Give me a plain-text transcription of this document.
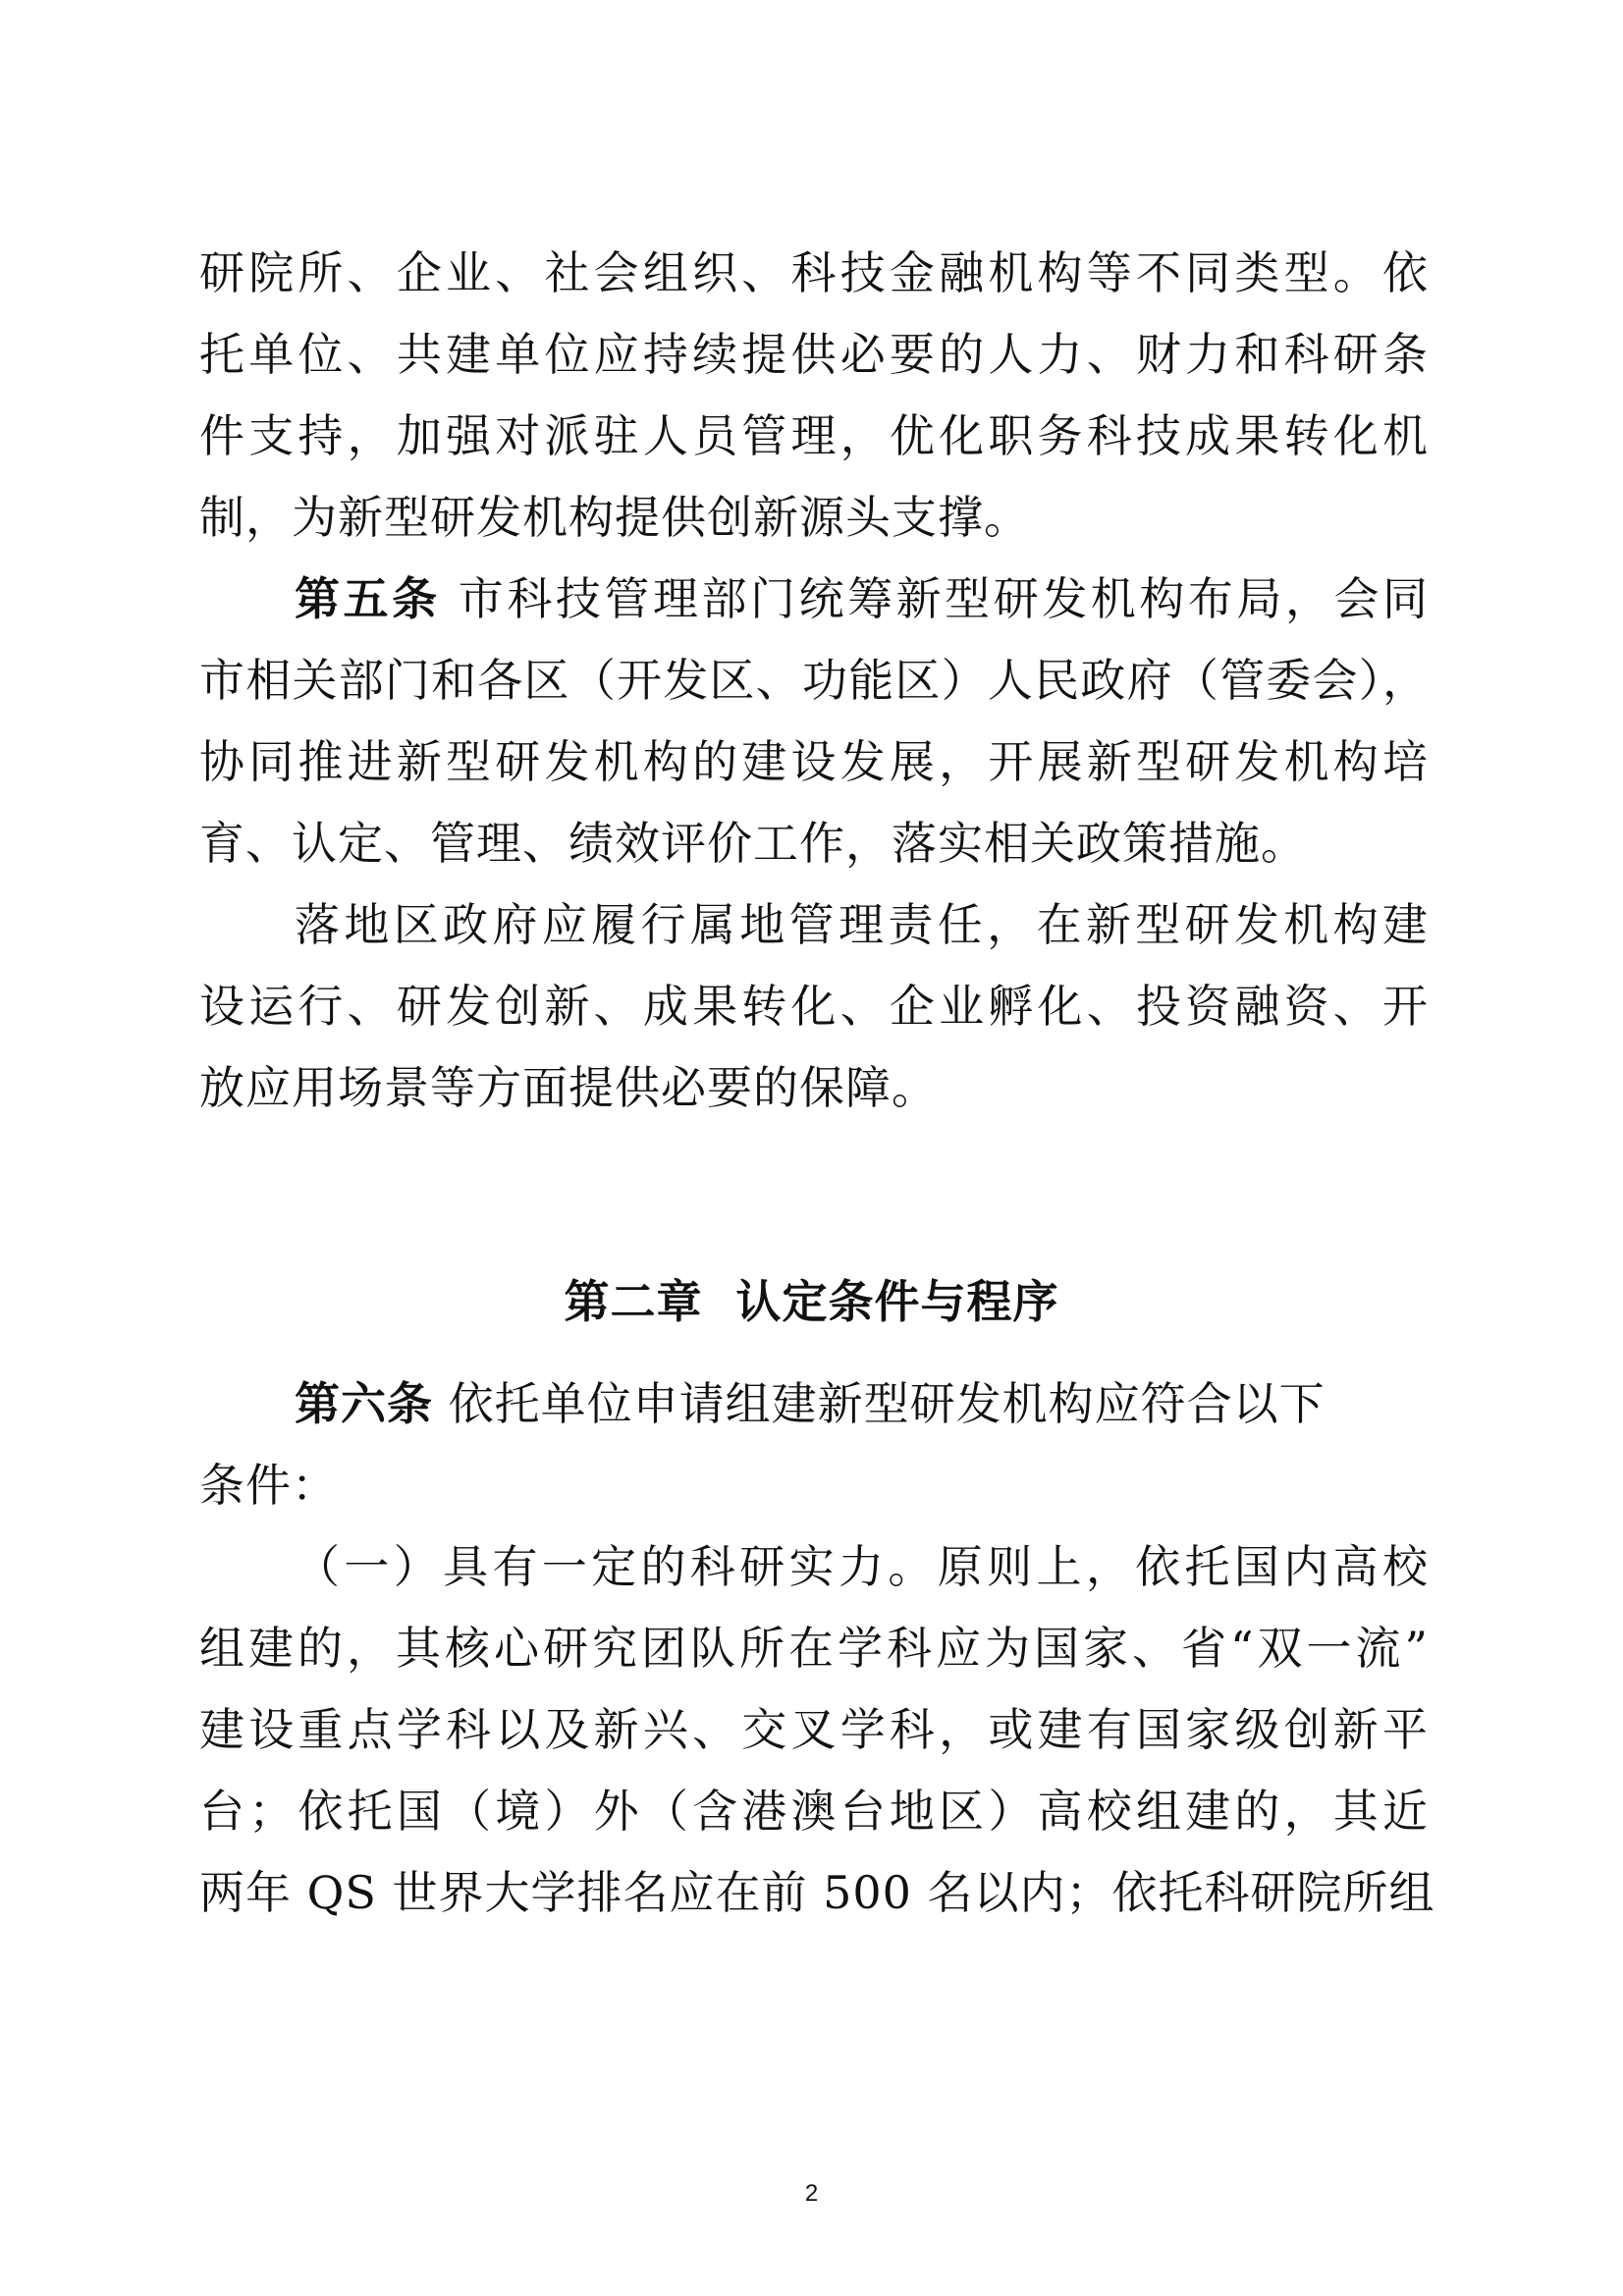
研院所、企业、社会组织、科技金融机构等不同类型。依
托单位、共建单位应持续提供必要的人力、财力和科研条
件支持，加强对派驻人员管理，优化职务科技成果转化机
制，为新型研发机构提供创新源头支撑。
第五条 市科技管理部门统筹新型研发机构布局，会同
市相关部门和各区（开发区、功能区）人民政府（管委会），
协同推进新型研发机构的建设发展，开展新型研发机构培
育、认定、管理、绩效评价工作，落实相关政策措施。
落地区政府应履行属地管理责任，在新型研发机构建
设运行、研发创新、成果转化、企业孵化、投资融资、开
放应用场景等方面提供必要的保障。
第二章  认定条件与程序
第六条 依托单位申请组建新型研发机构应符合以下
条件：
（一）具有一定的科研实力。原则上，依托国内高校
组建的，其核心研究团队所在学科应为国家、省“双一流”
建设重点学科以及新兴、交叉学科，或建有国家级创新平
台；依托国（境）外（含港澳台地区）高校组建的，其近
两年 QS 世界大学排名应在前 500 名以内；依托科研院所组
2
